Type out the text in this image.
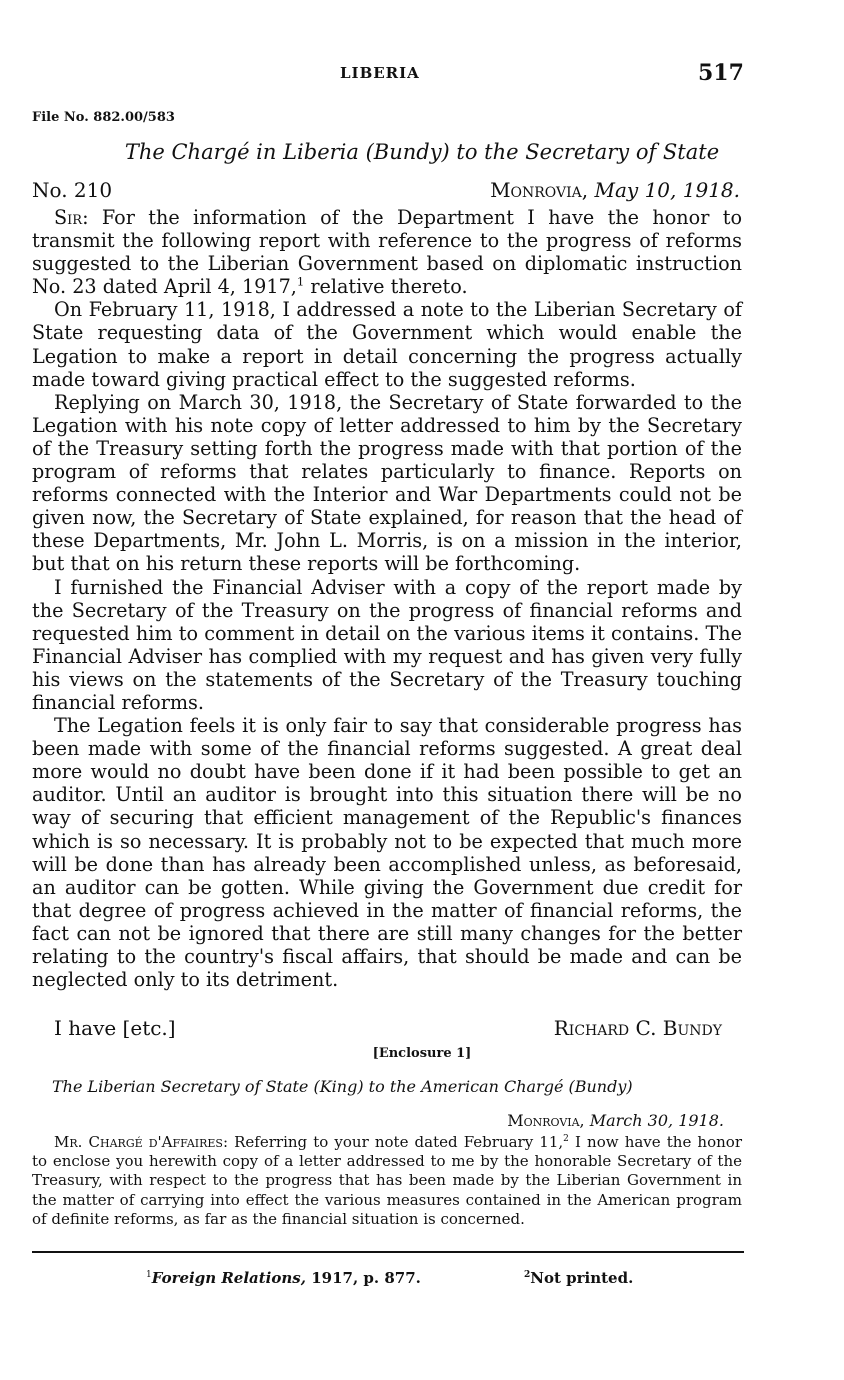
LIBERIA	517
File No. 882.00/583
The Chargé in Liberia (Bundy) to the Secretary of State
No. 210	Monrovia, May 10, 1918.

Sir: For the information of the Department I have the honor to transmit the following report with reference to the progress of reforms suggested to the Liberian Government based on diplomatic instruction No. 23 dated April 4, 1917,$^1$ relative thereto.

On February 11, 1918, I addressed a note to the Liberian Secretary of State requesting data of the Government which would enable the Legation to make a report in detail concerning the progress actually made toward giving practical effect to the suggested reforms.

Replying on March 30, 1918, the Secretary of State forwarded to the Legation with his note copy of letter addressed to him by the Secretary of the Treasury setting forth the progress made with that portion of the program of reforms that relates particularly to finance. Reports on reforms connected with the Interior and War Departments could not be given now, the Secretary of State explained, for reason that the head of these Departments, Mr. John L. Morris, is on a mission in the interior, but that on his return these reports will be forthcoming.

I furnished the Financial Adviser with a copy of the report made by the Secretary of the Treasury on the progress of financial reforms and requested him to comment in detail on the various items it contains. The Financial Adviser has complied with my request and has given very fully his views on the statements of the Secretary of the Treasury touching financial reforms.

The Legation feels it is only fair to say that considerable progress has been made with some of the financial reforms suggested. A great deal more would no doubt have been done if it had been possible to get an auditor. Until an auditor is brought into this situation there will be no way of securing that efficient management of the Republic's finances which is so necessary. It is probably not to be expected that much more will be done than has already been accomplished unless, as beforesaid, an auditor can be gotten. While giving the Government due credit for that degree of progress achieved in the matter of financial reforms, the fact can not be ignored that there are still many changes for the better relating to the country's fiscal affairs, that should be made and can be neglected only to its detriment.

I have [etc.]	Richard C. Bundy
[Enclosure 1]
The Liberian Secretary of State (King) to the American Chargé (Bundy)
Monrovia, March 30, 1918.

Mr. Chargé d'Affaires: Referring to your note dated February 11,$^2$ I now have the honor to enclose you herewith copy of a letter addressed to me by the honorable Secretary of the Treasury, with respect to the progress that has been made by the Liberian Government in the matter of carrying into effect the various measures contained in the American program of definite reforms, as far as the financial situation is concerned.

$^1$Foreign Relations, 1917, p. 877.	$^2$Not printed.
